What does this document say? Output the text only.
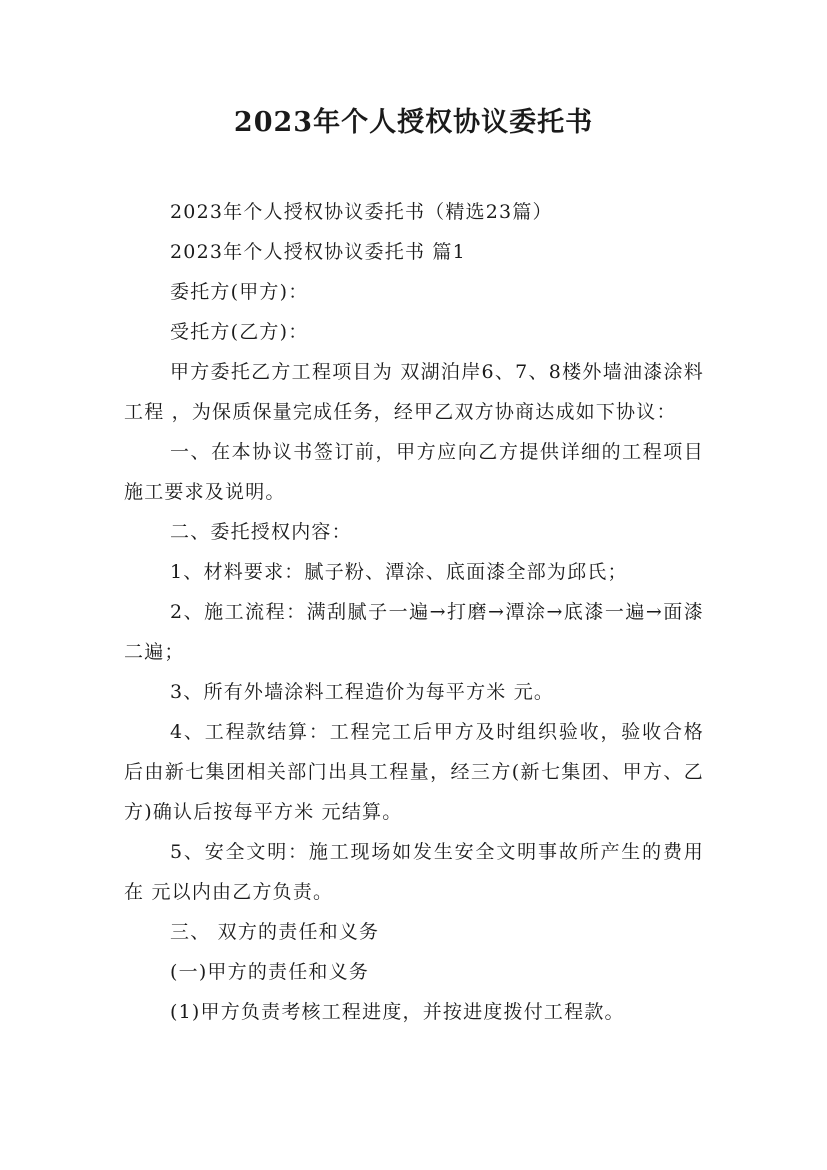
2023年个人授权协议委托书

2023年个人授权协议委托书（精选23篇）

2023年个人授权协议委托书 篇1

委托方(甲方)：

受托方(乙方)：

甲方委托乙方工程项目为 双湖泊岸6、7、8楼外墙油漆涂料工程 ，为保质保量完成任务，经甲乙双方协商达成如下协议：

一、在本协议书签订前，甲方应向乙方提供详细的工程项目施工要求及说明。

二、委托授权内容：

1、材料要求：腻子粉、潭涂、底面漆全部为邱氏；

2、施工流程：满刮腻子一遍→打磨→潭涂→底漆一遍→面漆二遍；

3、所有外墙涂料工程造价为每平方米 元。

4、工程款结算：工程完工后甲方及时组织验收，验收合格后由新七集团相关部门出具工程量，经三方(新七集团、甲方、乙方)确认后按每平方米 元结算。

5、安全文明：施工现场如发生安全文明事故所产生的费用在 元以内由乙方负责。

三、 双方的责任和义务

(一)甲方的责任和义务

(1)甲方负责考核工程进度，并按进度拨付工程款。
